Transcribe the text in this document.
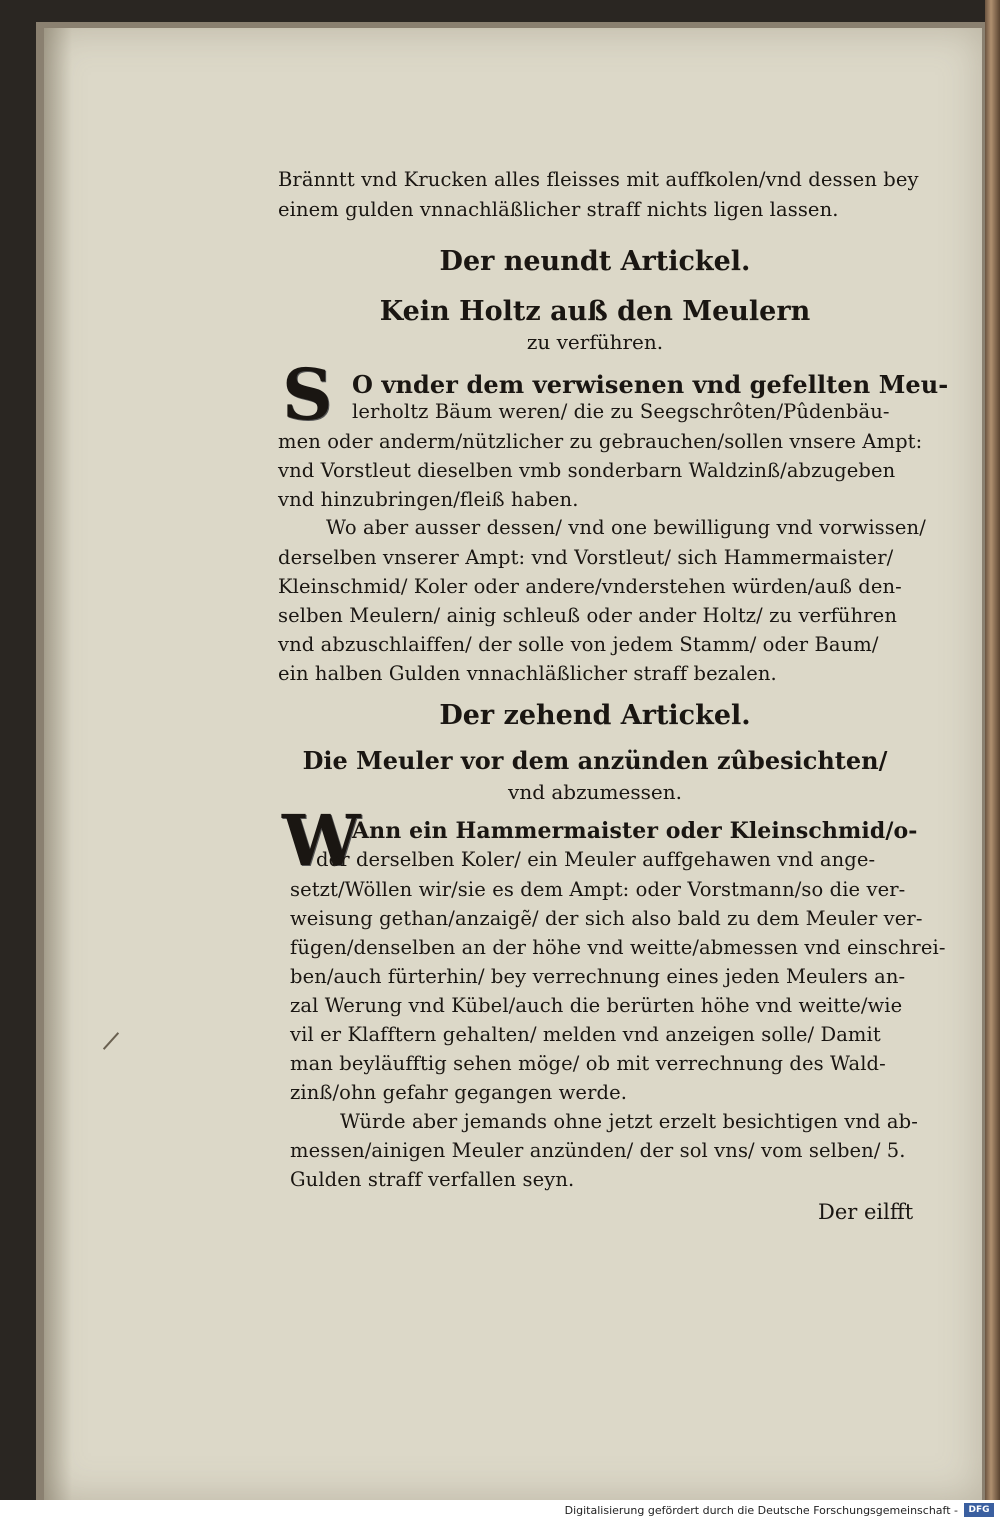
Bränntt vnd Krucken alles fleisses mit auffkolen/vnd dessen bey
einem gulden vnnachläßlicher straff nichts ligen lassen.
Der neundt Artickel.
Kein Holtz auß den Meulern
zu verführen.
S O vnder dem verwisenen vnd gefellten Meu-
lerholtz Bäum weren/ die zu Seegschrôten/Pûdenbäu-
men oder anderm/nützlicher zu gebrauchen/sollen vnsere Ampt:
vnd Vorstleut dieselben vmb sonderbarn Waldzinß/abzugeben
vnd hinzubringen/fleiß haben.
Wo aber ausser dessen/ vnd one bewilligung vnd vorwissen/
derselben vnserer Ampt: vnd Vorstleut/ sich Hammermaister/
Kleinschmid/ Koler oder andere/vnderstehen würden/auß den-
selben Meulern/ ainig schleuß oder ander Holtz/ zu verführen
vnd abzuschlaiffen/ der solle von jedem Stamm/ oder Baum/
ein halben Gulden vnnachläßlicher straff bezalen.
Der zehend Artickel.
Die Meuler vor dem anzünden zûbesichten/
vnd abzumessen.
W
Ann ein Hammermaister oder Kleinschmid/o-
der derselben Koler/ ein Meuler auffgehawen vnd ange-
setzt/Wöllen wir/sie es dem Ampt: oder Vorstmann/so die ver-
weisung gethan/anzaigẽ/ der sich also bald zu dem Meuler ver-
fügen/denselben an der höhe vnd weitte/abmessen vnd einschrei-
ben/auch fürterhin/ bey verrechnung eines jeden Meulers an-
zal Werung vnd Kübel/auch die berürten höhe vnd weitte/wie
vil er Klafftern gehalten/ melden vnd anzeigen solle/ Damit
man beyläufftig sehen möge/ ob mit verrechnung des Wald-
zinß/ohn gefahr gegangen werde.
Würde aber jemands ohne jetzt erzelt besichtigen vnd ab-
messen/ainigen Meuler anzünden/ der sol vns/ vom selben/ 5.
Gulden straff verfallen seyn.
Der eilfft
Digitalisierung gefördert durch die Deutsche Forschungsgemeinschaft -	DFG
